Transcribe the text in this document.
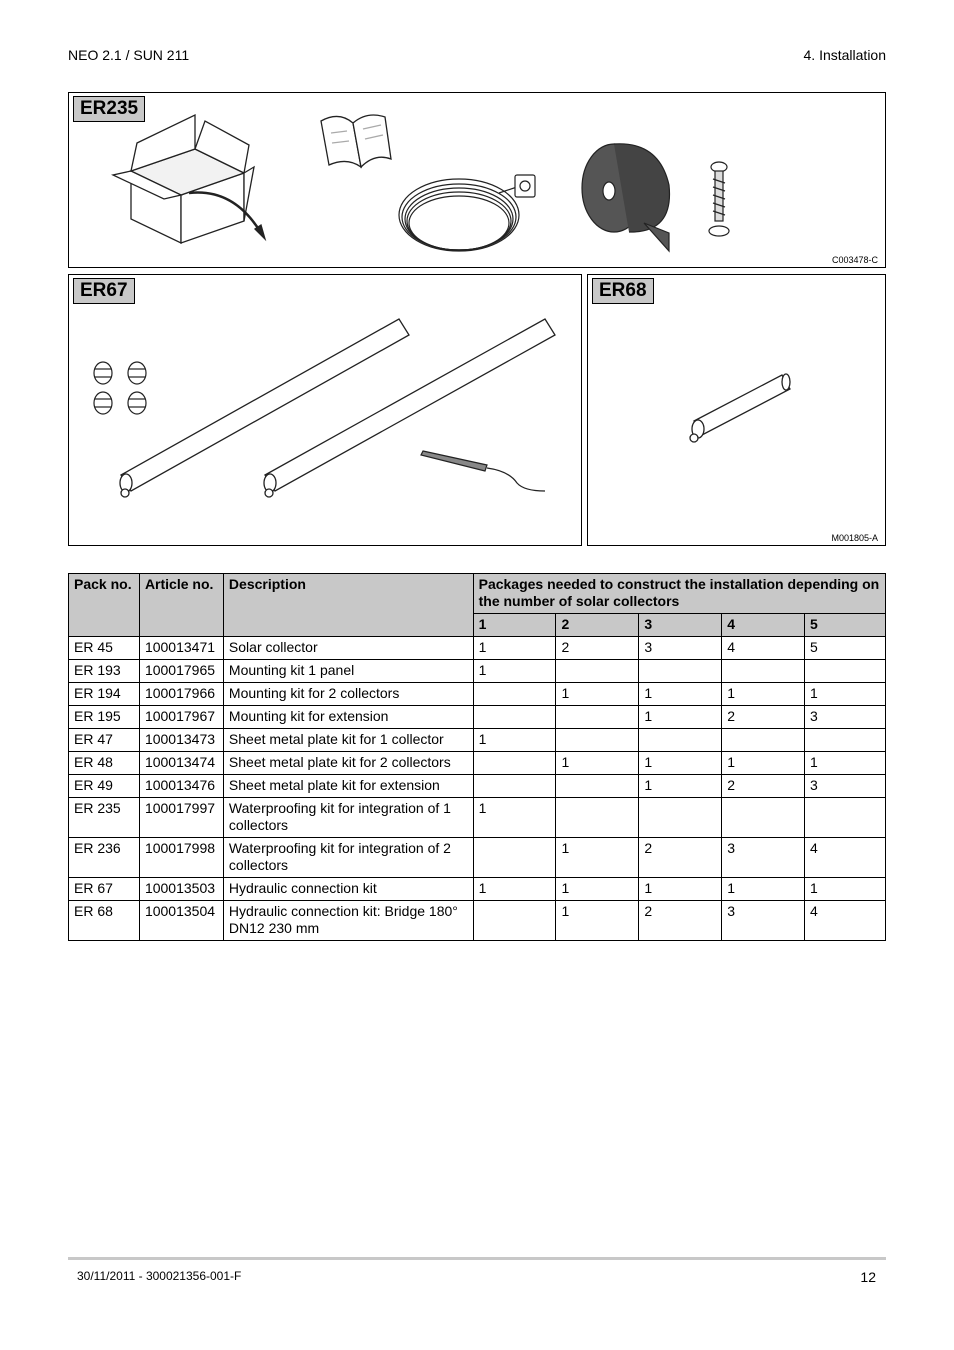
NEO 2.1 / SUN 211	4. Installation
ER235
C003478-C
ER67	ER68
M001805-A
Pack no.	Article no.	Description	Packages needed to construct the installation depending on the number of solar collectors				
			1	2	3	4	5
ER 45	100013471	Solar collector	1	2	3	4	5
ER 193	100017965	Mounting kit 1 panel	1				
ER 194	100017966	Mounting kit for 2 collectors		1	1	1	1
ER 195	100017967	Mounting kit for extension			1	2	3
ER 47	100013473	Sheet metal plate kit for 1 collector	1				
ER 48	100013474	Sheet metal plate kit for 2 collectors		1	1	1	1
ER 49	100013476	Sheet metal plate kit for extension			1	2	3
ER 235	100017997	Waterproofing kit for integration of 1 collectors	1				
ER 236	100017998	Waterproofing kit for integration of 2 collectors		1	2	3	4
ER 67	100013503	Hydraulic connection kit	1	1	1	1	1
ER 68	100013504	Hydraulic connection kit: Bridge 180° DN12 230 mm		1	2	3	4
30/11/2011 - 300021356-001-F	12
